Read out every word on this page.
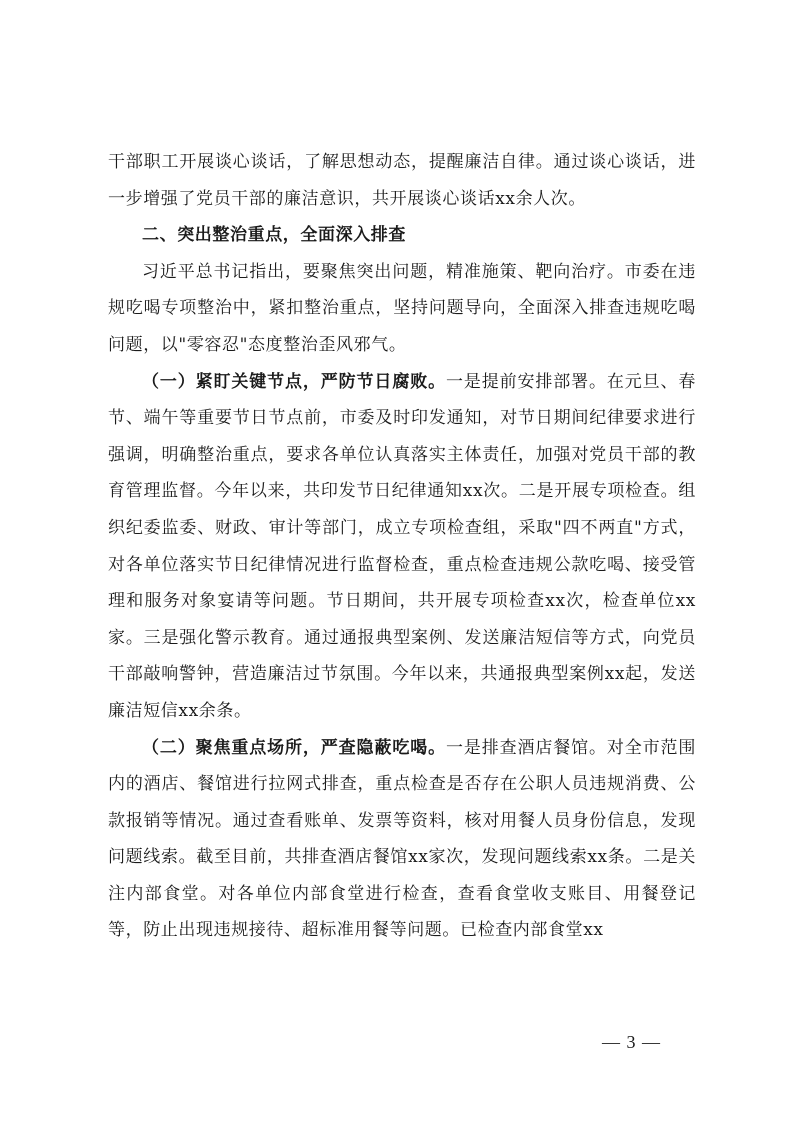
干部职工开展谈心谈话，了解思想动态，提醒廉洁自律。通过谈心谈话，进一步增强了党员干部的廉洁意识，共开展谈心谈话xx余人次。

二、突出整治重点，全面深入排查

习近平总书记指出，要聚焦突出问题，精准施策、靶向治疗。市委在违规吃喝专项整治中，紧扣整治重点，坚持问题导向，全面深入排查违规吃喝问题，以"零容忍"态度整治歪风邪气。

（一）紧盯关键节点，严防节日腐败。一是提前安排部署。在元旦、春节、端午等重要节日节点前，市委及时印发通知，对节日期间纪律要求进行强调，明确整治重点，要求各单位认真落实主体责任，加强对党员干部的教育管理监督。今年以来，共印发节日纪律通知xx次。二是开展专项检查。组织纪委监委、财政、审计等部门，成立专项检查组，采取"四不两直"方式，对各单位落实节日纪律情况进行监督检查，重点检查违规公款吃喝、接受管理和服务对象宴请等问题。节日期间，共开展专项检查xx次，检查单位xx家。三是强化警示教育。通过通报典型案例、发送廉洁短信等方式，向党员干部敲响警钟，营造廉洁过节氛围。今年以来，共通报典型案例xx起，发送廉洁短信xx余条。

（二）聚焦重点场所，严查隐蔽吃喝。一是排查酒店餐馆。对全市范围内的酒店、餐馆进行拉网式排查，重点检查是否存在公职人员违规消费、公款报销等情况。通过查看账单、发票等资料，核对用餐人员身份信息，发现问题线索。截至目前，共排查酒店餐馆xx家次，发现问题线索xx条。二是关注内部食堂。对各单位内部食堂进行检查，查看食堂收支账目、用餐登记等，防止出现违规接待、超标准用餐等问题。已检查内部食堂xx

— 3 —
